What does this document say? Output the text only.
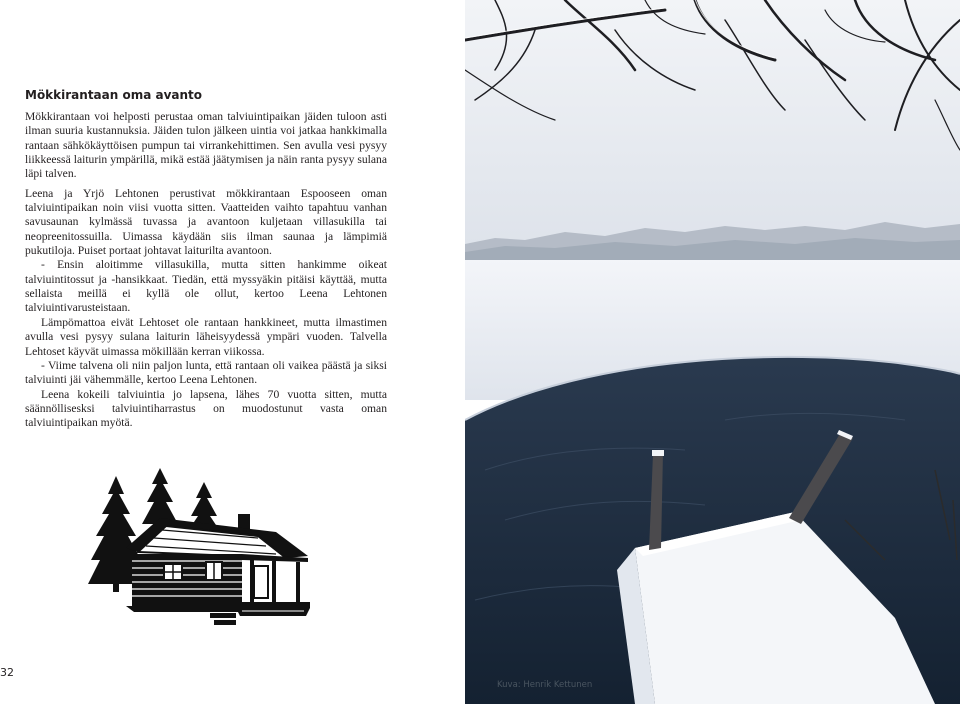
Mökkirantaan oma avanto

Mökkirantaan voi helposti perustaa oman talviuintipaikan jäiden tuloon asti ilman suuria kustannuksia. Jäiden tulon jälkeen uintia voi jatkaa hankkimalla rantaan sähkökäyttöisen pumpun tai virrankehittimen. Sen avulla vesi pysyy liikkeessä laiturin ympärillä, mikä estää jäätymisen ja näin ranta pysyy sulana läpi talven.

Leena ja Yrjö Lehtonen perustivat mökkirantaan Espooseen oman talviuintipaikan noin viisi vuotta sitten. Vaatteiden vaihto tapahtuu vanhan savusaunan kylmässä tuvassa ja avantoon kuljetaan villasukilla tai neopreenitossuilla. Uimassa käydään siis ilman saunaa ja lämpimiä pukutiloja. Puiset portaat johtavat laiturilta avantoon.

- Ensin aloitimme villasukilla, mutta sitten hankimme oikeat talviuintitossut ja -hansikkaat. Tiedän, että myssyäkin pitäisi käyttää, mutta sellaista meillä ei kyllä ole ollut, kertoo Leena Lehtonen talviuintivarusteistaan.

Lämpömattoa eivät Lehtoset ole rantaan hankkineet, mutta ilmastimen avulla vesi pysyy sulana laiturin läheisyydessä ympäri vuoden. Talvella Lehtoset käyvät uimassa mökillään kerran viikossa.

- Viime talvena oli niin paljon lunta, että rantaan oli vaikea päästä ja siksi talviuinti jäi vähemmälle, kertoo Leena Lehtonen.

Leena kokeili talviuintia jo lapsena, lähes 70 vuotta sitten, mutta säännöllisesksi talviuintiharrastus on muodostunut vasta oman talviuintipaikan myötä.

32
Kuva: Henrik Kettunen
